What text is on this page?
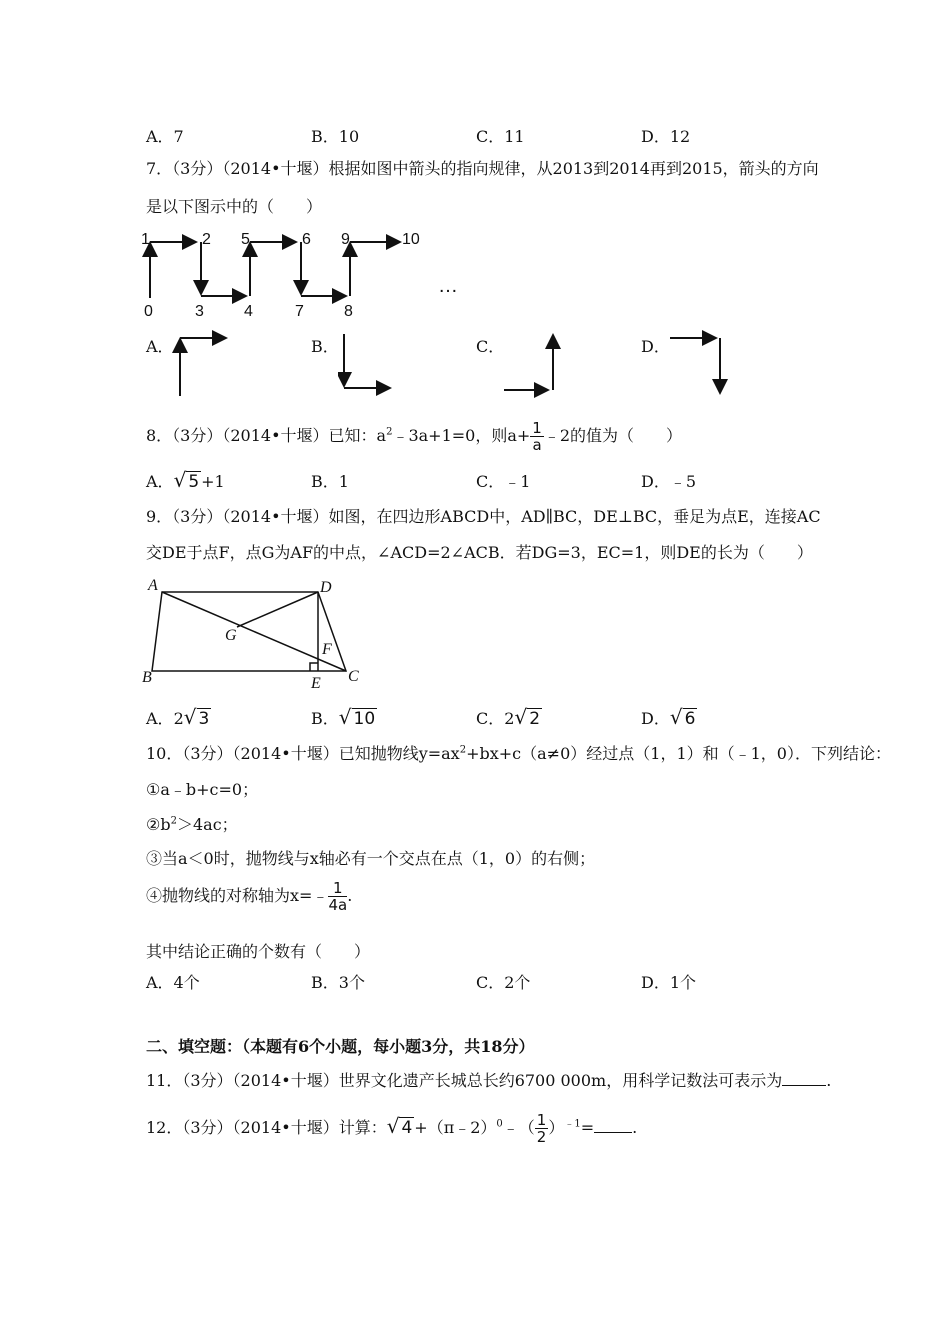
A．7	B．10	C．11	D．12
7．（3分）（2014•十堰）根据如图中箭头的指向规律，从2013到2014再到2015，箭头的方向
是以下图示中的（　　）
1	2 5	6 9	10
0	3	4	7	8
…
A．	B．	C．	D．
8．（3分）（2014•十堰）已知：$a^2﹣3a+1=0$，则$a+ \frac{1}{a}$ ﹣2的值为（　　）
A．√ 5 +1	B．1	C．﹣1	D．﹣5
9．（3分）（2014•十堰）如图，在四边形ABCD中，AD∥BC，DE⊥BC，垂足为点E，连接AC
交DE于点F，点G为AF的中点，∠ACD=2∠ACB．若DG=3，EC=1，则DE的长为（　　）
A	D
G
F
B	E C
A．2√ 3	B．√ 10	C．2√ 2	D．√ 6
10．（3分）（2014•十堰）已知抛物线$y=ax^2+bx+c(a\ne 0)$经过点（1，1）和（﹣1，0）．下列结论：
①a﹣b+c=0；
$②b^2>4ac$；
③当a＜0时，抛物线与x轴必有一个交点在点（1，0）的右侧；
④抛物线的对称轴为x=﹣ $\frac{1}{4a}$ .
其中结论正确的个数有（　　）
A．4个	B．3个	C．2个	D．1个
二、填空题：（本题有6个小题，每小题3分，共18分）
11．（3分）（2014•十堰）世界文化遗产长城总长约6700 000m，用科学记数法可表示为	.
12．（3分）（2014•十堰）计算：√ 4 +（π﹣2）$^0$﹣（ $\frac{1}{2} )^{﹣1}=$ .
